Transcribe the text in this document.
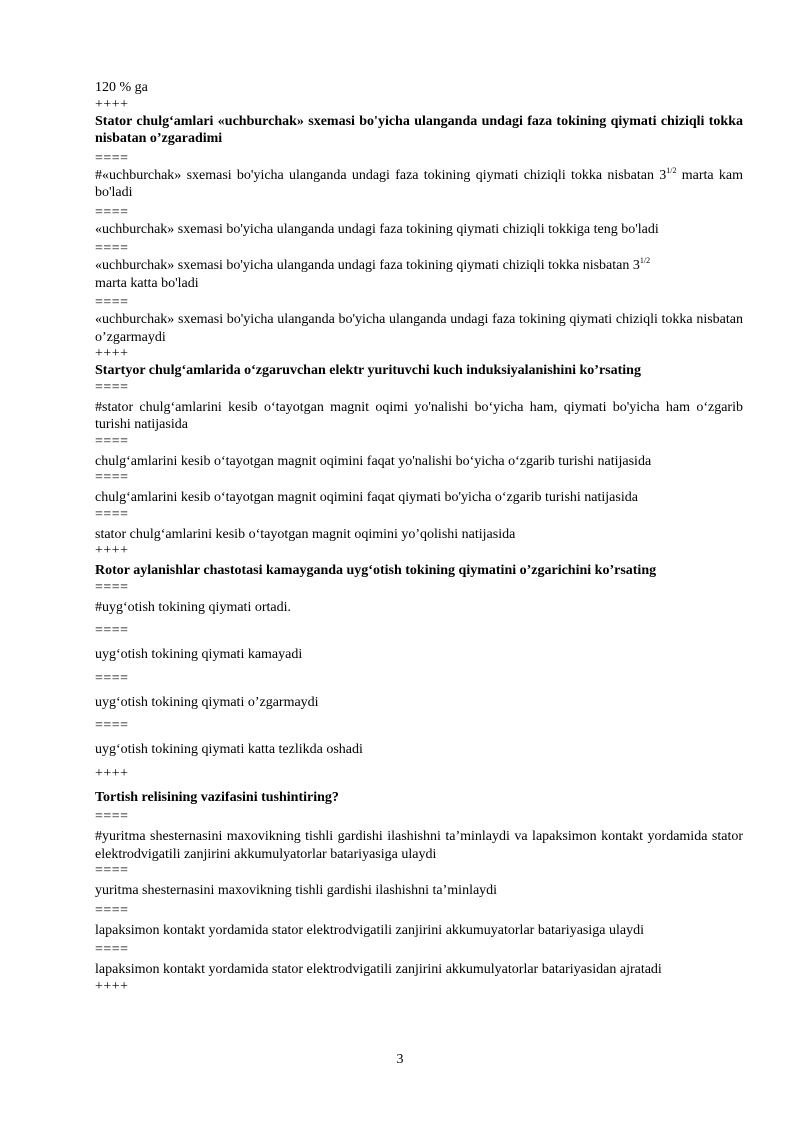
120 % ga

++++

Stator chulg‘amlari «uchburchak» sxemasi bo'yicha ulanganda undagi faza tokining qiymati chiziqli tokka nisbatan o’zgaradimi

====

#«uchburchak» sxemasi bo'yicha ulanganda undagi faza tokining qiymati chiziqli tokka nisbatan $3^{1/2}$ marta kam bo'ladi

====

«uchburchak» sxemasi bo'yicha ulanganda undagi faza tokining qiymati chiziqli tokkiga teng bo'ladi

====

«uchburchak» sxemasi bo'yicha ulanganda undagi faza tokining qiymati chiziqli tokka nisbatan $3^{1/2}$
marta katta bo'ladi

====

«uchburchak» sxemasi bo'yicha ulanganda bo'yicha ulanganda undagi faza tokining qiymati chiziqli tokka nisbatan o’zgarmaydi

++++

Startyor chulg‘amlarida o‘zgaruvchan elektr yurituvchi kuch induksiyalanishini ko’rsating

====

#stator chulg‘amlarini kesib o‘tayotgan magnit oqimi yo'nalishi bo‘yicha ham, qiymati bo'yicha ham o‘zgarib turishi natijasida

====

chulg‘amlarini kesib o‘tayotgan magnit oqimini faqat yo'nalishi bo‘yicha o‘zgarib turishi natijasida

====

chulg‘amlarini kesib o‘tayotgan magnit oqimini faqat qiymati bo'yicha o‘zgarib turishi natijasida

====

stator chulg‘amlarini kesib o‘tayotgan magnit oqimini yo’qolishi natijasida

++++

Rotor aylanishlar chastotasi kamayganda uyg‘otish tokining qiymatini o’zgarichini ko’rsating

====

#uyg‘otish tokining qiymati ortadi.

====

uyg‘otish tokining qiymati kamayadi

====

uyg‘otish tokining qiymati o’zgarmaydi

====

uyg‘otish tokining qiymati katta tezlikda oshadi

++++

Tortish relisining vazifasini tushintiring?

====

#yuritma shesternasini maxovikning tishli gardishi ilashishni ta’minlaydi va lapaksimon kontakt yordamida stator elektrodvigatili zanjirini akkumulyatorlar batariyasiga ulaydi

====

yuritma shesternasini maxovikning tishli gardishi ilashishni ta’minlaydi

====

lapaksimon kontakt yordamida stator elektrodvigatili zanjirini akkumuyatorlar batariyasiga ulaydi

====

lapaksimon kontakt yordamida stator elektrodvigatili zanjirini akkumulyatorlar batariyasidan ajratadi

++++

3
